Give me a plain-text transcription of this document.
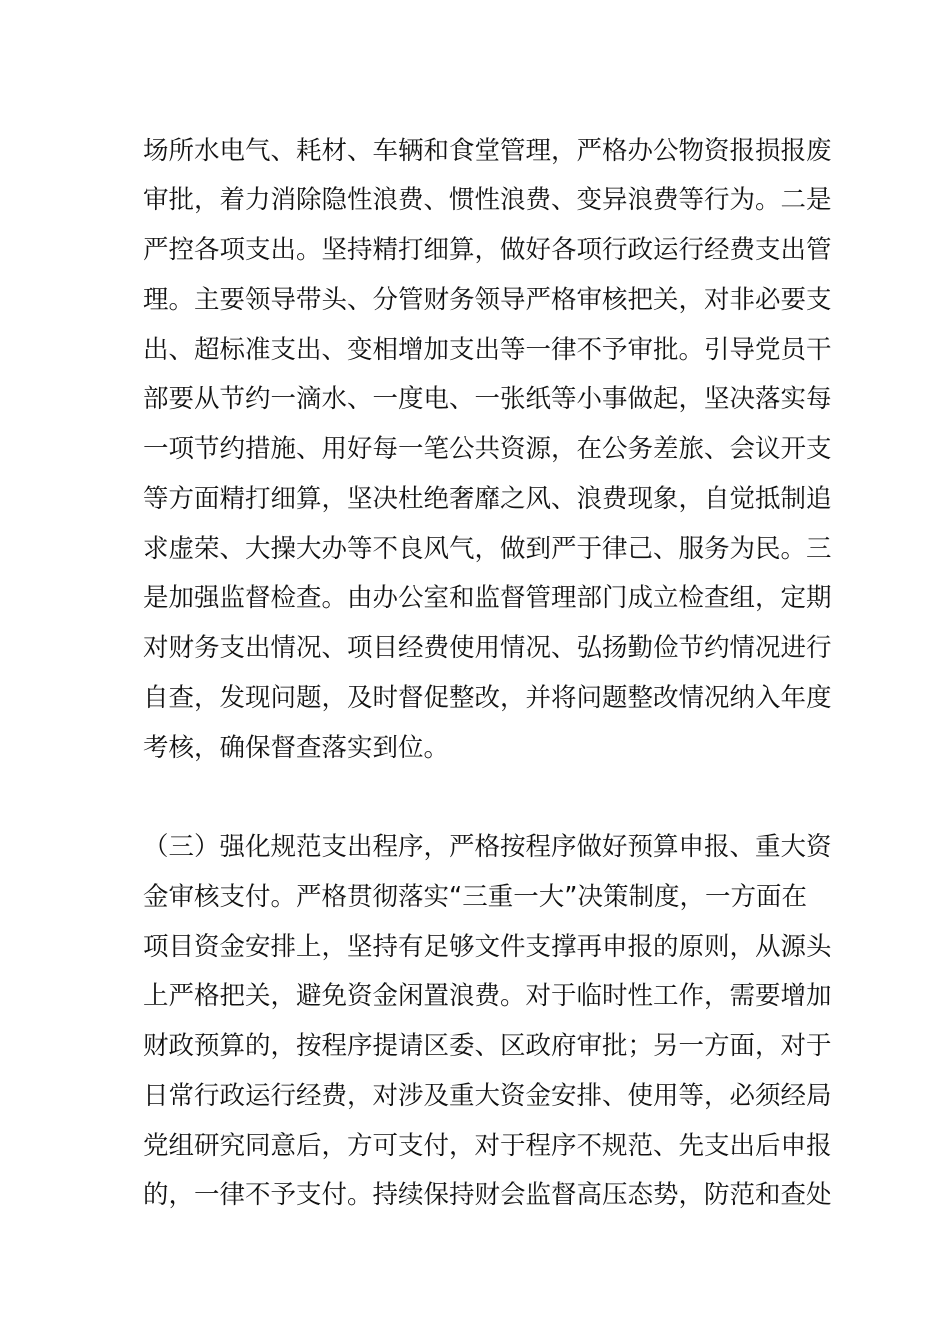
场所水电气、耗材、车辆和食堂管理，严格办公物资报损报废
审批，着力消除隐性浪费、惯性浪费、变异浪费等行为。二是
严控各项支出。坚持精打细算，做好各项行政运行经费支出管
理。主要领导带头、分管财务领导严格审核把关，对非必要支
出、超标准支出、变相增加支出等一律不予审批。引导党员干
部要从节约一滴水、一度电、一张纸等小事做起，坚决落实每
一项节约措施、用好每一笔公共资源，在公务差旅、会议开支
等方面精打细算，坚决杜绝奢靡之风、浪费现象，自觉抵制追
求虚荣、大操大办等不良风气，做到严于律己、服务为民。三
是加强监督检查。由办公室和监督管理部门成立检查组，定期
对财务支出情况、项目经费使用情况、弘扬勤俭节约情况进行
自查，发现问题，及时督促整改，并将问题整改情况纳入年度
考核，确保督查落实到位。
（三）强化规范支出程序，严格按程序做好预算申报、重大资
金审核支付。严格贯彻落实“三重一大”决策制度，一方面在
项目资金安排上，坚持有足够文件支撑再申报的原则，从源头
上严格把关，避免资金闲置浪费。对于临时性工作，需要增加
财政预算的，按程序提请区委、区政府审批；另一方面，对于
日常行政运行经费，对涉及重大资金安排、使用等，必须经局
党组研究同意后，方可支付，对于程序不规范、先支出后申报
的，一律不予支付。持续保持财会监督高压态势，防范和查处
